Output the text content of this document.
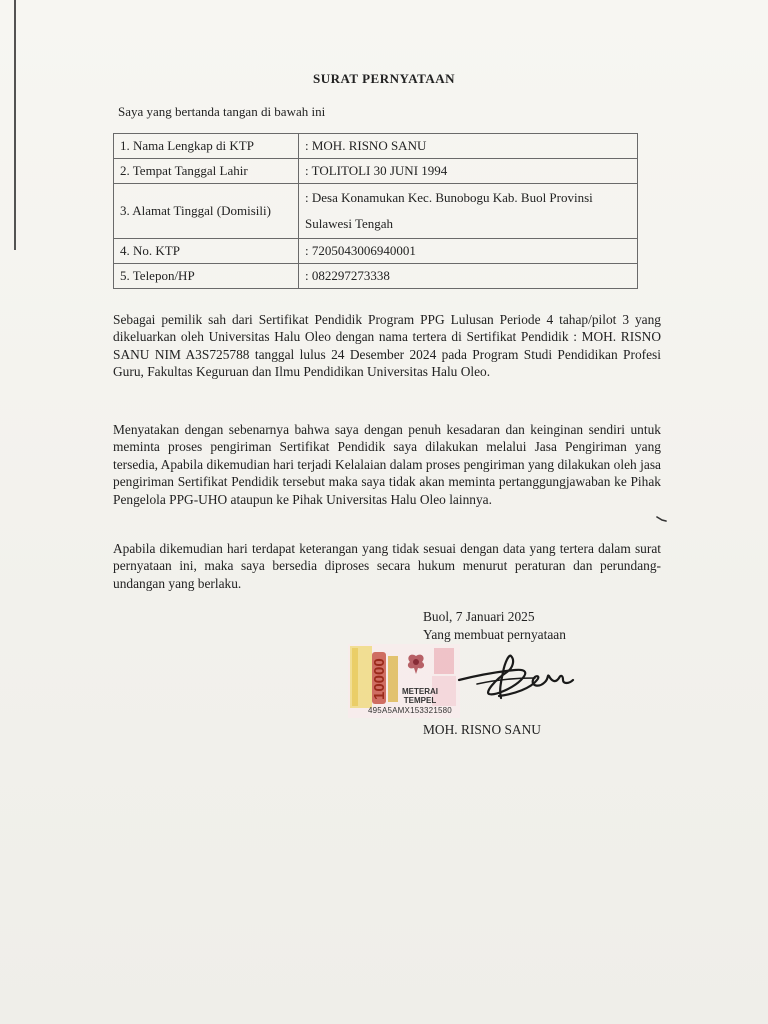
SURAT PERNYATAAN
Saya yang bertanda tangan di bawah ini
1. Nama Lengkap di KTP	: MOH. RISNO SANU
2. Tempat Tanggal Lahir	: TOLITOLI 30 JUNI 1994
3. Alamat Tinggal (Domisili)	: Desa Konamukan Kec. Bunobogu Kab. Buol Provinsi Sulawesi Tengah
4. No. KTP	: 7205043006940001
5. Telepon/HP	: 082297273338

Sebagai pemilik sah dari Sertifikat Pendidik Program PPG Lulusan Periode 4 tahap/pilot 3 yang dikeluarkan oleh Universitas Halu Oleo dengan nama tertera di Sertifikat Pendidik : MOH. RISNO SANU NIM A3S725788 tanggal lulus 24 Desember 2024 pada Program Studi Pendidikan Profesi Guru, Fakultas Keguruan dan Ilmu Pendidikan Universitas Halu Oleo.

Menyatakan dengan sebenarnya bahwa saya dengan penuh kesadaran dan keinginan sendiri untuk meminta proses pengiriman Sertifikat Pendidik saya dilakukan melalui Jasa Pengiriman yang tersedia, Apabila dikemudian hari terjadi Kelalaian dalam proses pengiriman yang dilakukan oleh jasa pengiriman Sertifikat Pendidik tersebut maka saya tidak akan meminta pertanggungjawaban ke Pihak Pengelola PPG-UHO ataupun ke Pihak Universitas Halu Oleo lainnya.

Apabila dikemudian hari terdapat keterangan yang tidak sesuai dengan data yang tertera dalam surat pernyataan ini, maka saya bersedia diproses secara hukum menurut peraturan dan perundang-undangan yang berlaku.

Buol, 7 Januari 2025
Yang membuat pernyataan
10000 METERAI
TEMPEL
495A5AMX153321580
MOH. RISNO SANU
